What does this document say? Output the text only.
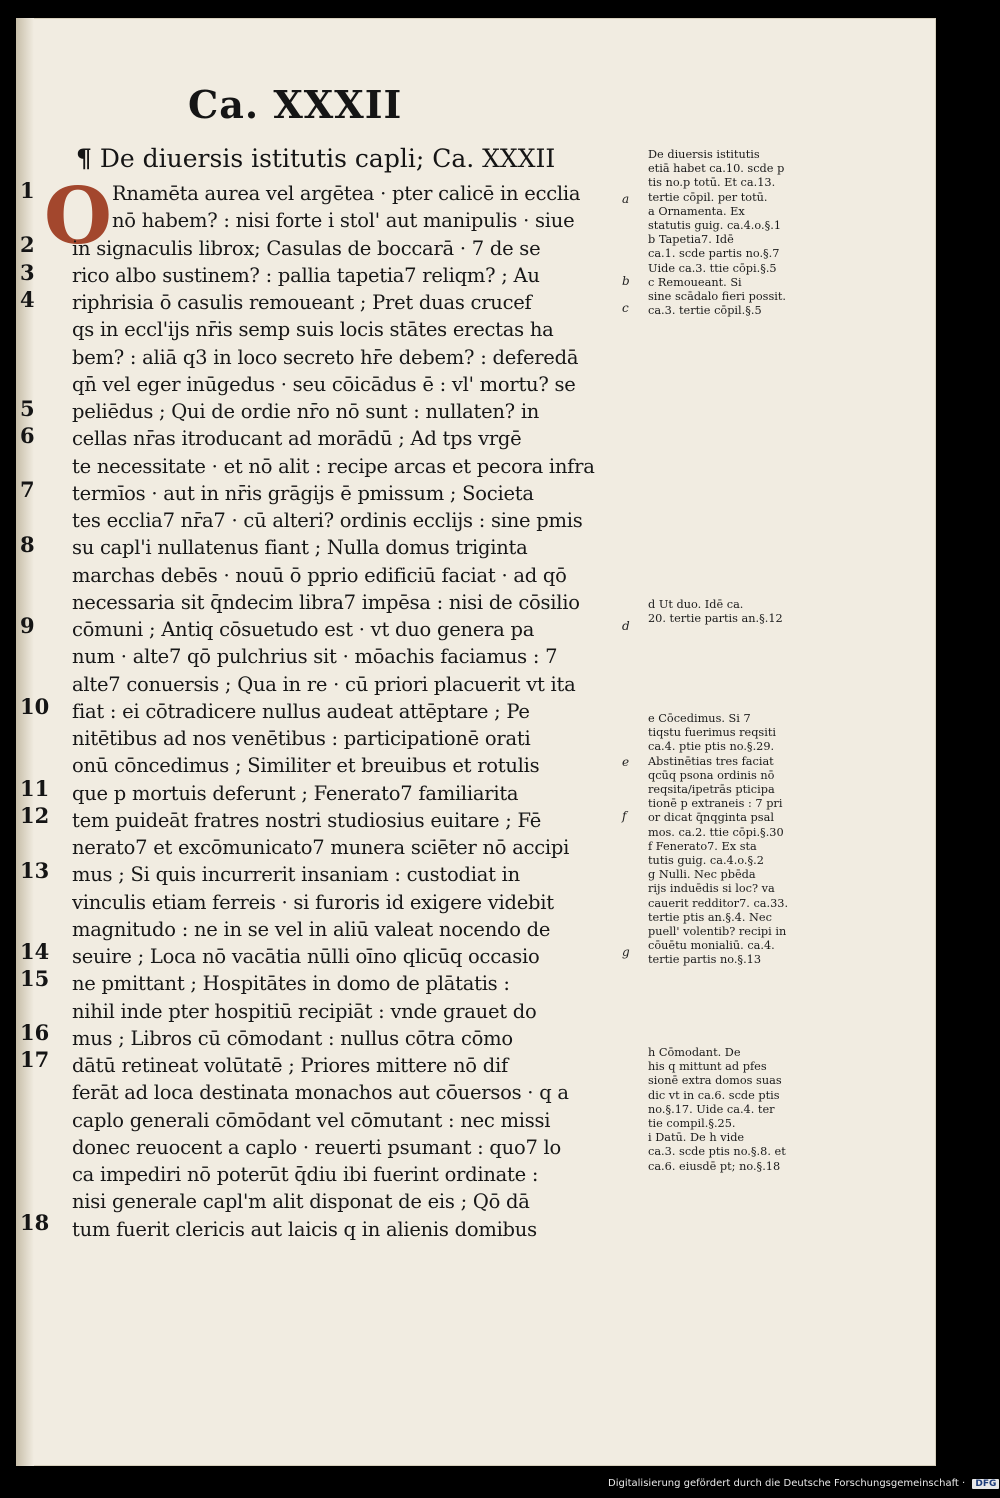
Ca. XXXII
¶ De diuersis istitutis capli; Ca. XXXII
O Rnamēta aurea vel argētea · pter calicē in ecclia
nō habem? : nisi forte i stol' aut manipulis · siue
in signaculis librox; Casulas de boccarā · 7 de se
rico albo sustinem? : pallia tapetia7 reliqm? ; Au
riphrisia ō casulis remoueant ; Pret duas crucef
qs in eccl'ijs nr̄is semp suis locis stātes erectas ha
bem? : aliā q3 in loco secreto hr̄e debem? : deferedā
qn̄ vel eger inūgedus · seu cōicādus ē : vl' mortu? se
peliēdus ; Qui de ordie nr̄o nō sunt : nullaten? in
cellas nr̄as itroducant ad morādū ; Ad tps vrgē
te necessitate · et nō alit : recipe arcas et pecora infra
termīos · aut in nr̄is grāgijs ē pmissum ; Societa
tes ecclia7 nr̄a7 · cū alteri? ordinis ecclijs : sine pmis
su capl'i nullatenus fiant ; Nulla domus triginta
marchas debēs · nouū ō pprio edificiū faciat · ad qō
necessaria sit q̄ndecim libra7 impēsa : nisi de cōsilio
cōmuni ; Antiq cōsuetudo est · vt duo genera pa
num · alte7 qō pulchrius sit · mōachis faciamus : 7
alte7 conuersis ; Qua in re · cū priori placuerit vt ita
fiat : ei cōtradicere nullus audeat attēptare ; Pe
nitētibus ad nos venētibus : participationē orati
onū cōncedimus ; Similiter et breuibus et rotulis
que p mortuis deferunt ; Fenerato7 familiarita
tem puideāt fratres nostri studiosius euitare ; Fē
nerato7 et excōmunicato7 munera sciēter nō accipi
mus ; Si quis incurrerit insaniam : custodiat in
vinculis etiam ferreis · si furoris id exigere videbit
magnitudo : ne in se vel in aliū valeat nocendo de
seuire ; Loca nō vacātia nūlli oīno qlicūq occasio
ne pmittant ; Hospitātes in domo de plātatis :
nihil inde pter hospitiū recipiāt : vnde grauet do
mus ; Libros cū cōmodant : nullus cōtra cōmo
dātū retineat volūtatē ; Priores mittere nō dif
ferāt ad loca destinata monachos aut cōuersos · q a
caplo generali cōmōdant vel cōmutant : nec missi
donec reuocent a caplo · reuerti psumant : quo7 lo
ca impediri nō poterūt q̄diu ibi fuerint ordinate :
nisi generale capl'm alit disponat de eis ; Qō dā
tum fuerit clericis aut laicis q in alienis domibus
1
2
3
4
5
6
7
8
9
10
11
12
13
14
15
16
17
18
a
b
c
d
e
f
g
De diuersis istitutis
etiā habet ca.10. scde p
tis no.p totū. Et ca.13.
tertie cōpil. per totū.
a Ornamenta. Ex
statutis guig. ca.4.o.§.1
b Tapetia7. Idē
ca.1. scde partis no.§.7
Uide ca.3. ttie cōpi.§.5
c Remoueant. Si
sine scādalo fieri possit.
ca.3. tertie cōpil.§.5
d Ut duo. Idē ca.
20. tertie partis an.§.12
e Cōcedimus. Si 7
tiqstu fuerimus reqsiti
ca.4. ptie ptis no.§.29.
Abstinētias tres faciat
qcūq psona ordinis nō
reqsita/ipetrās pticipa
tionē p extraneis : 7 pri
or dicat q̄nqginta psal
mos. ca.2. ttie cōpi.§.30
f Fenerato7. Ex sta
tutis guig. ca.4.o.§.2
g Nulli. Nec pbēda
rijs induēdis si loc? va
cauerit redditor7. ca.33.
tertie ptis an.§.4. Nec
puell' volentib? recipi in
cōuētu monialiū. ca.4.
tertie partis no.§.13
h Cōmodant. De
his q mittunt ad pfes
sionē extra domos suas
dic vt in ca.6. scde ptis
no.§.17. Uide ca.4. ter
tie compil.§.25.
i Datū. De h vide
ca.3. scde ptis no.§.8. et
ca.6. eiusdē pt; no.§.18
Digitalisierung gefördert durch die Deutsche Forschungsgemeinschaft · DFG
